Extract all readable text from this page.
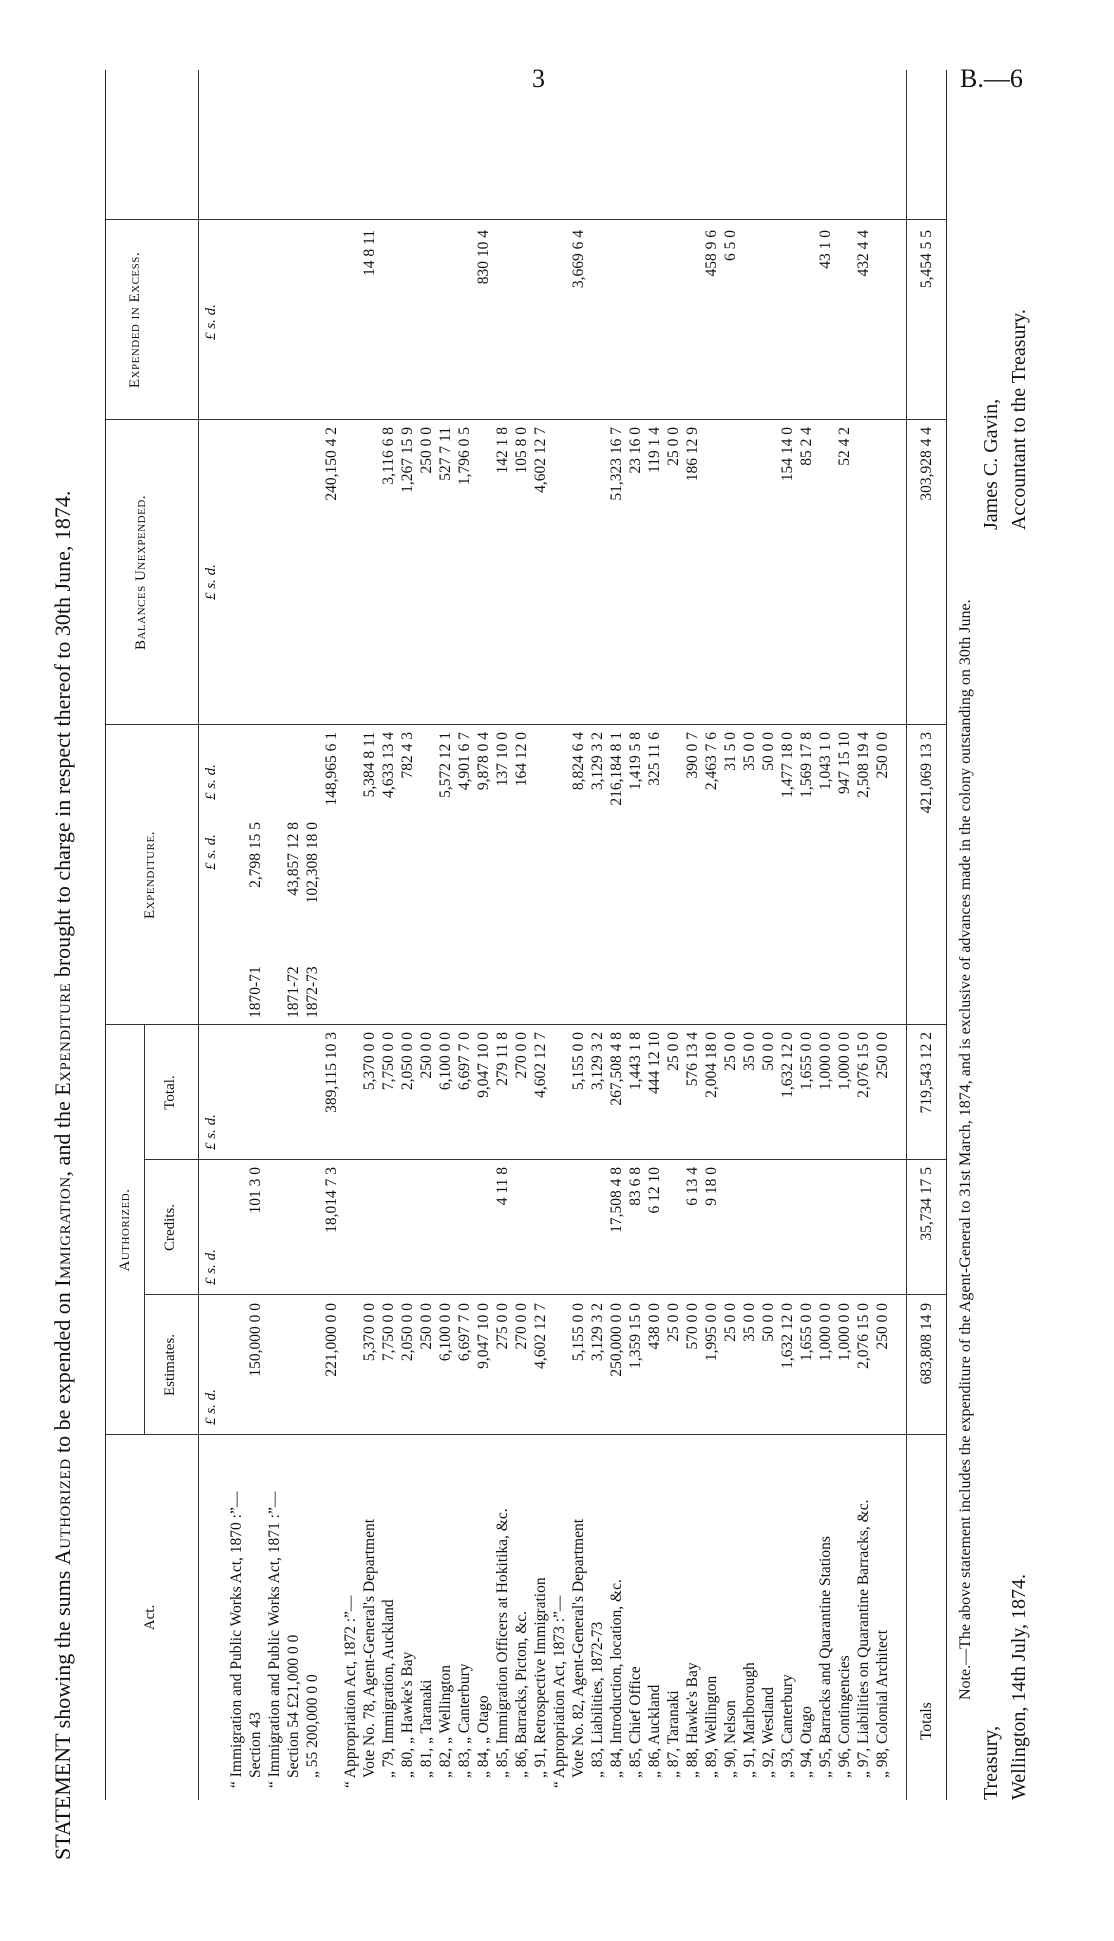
3	B.—6
STATEMENT showing the sums Authorized to be expended on Immigration, and the Expenditure brought to charge in respect thereof to 30th June, 1874.
Act.
Authorized.
Estimates.
Credits.
Total.
Expenditure.
Balances Unexpended.
Expended in Excess.
£ s. d.
£ s. d.
£ s. d.
£ s. d.
£ s. d.
£ s. d.
£ s. d.
“ Immigration and Public Works Act, 1870 :”— Section 43
150,000 0 0
101 3 0
1870-71
2,798 15 5
“ Immigration and Public Works Act, 1871 :”— Section 54 £21,000 0 0
1871-72
43,857 12 8
„ 55 200,000 0 0
1872-73
102,308 18 0
221,000 0 0
18,014 7 3
389,115 10 3
148,965 6 1
240,150 4 2
“ Appropriation Act, 1872 :”— Vote No. 78, Agent-General's Department
5,370 0 0
5,370 0 0
5,384 8 11
14 8 11
„ 79, Immigration, Auckland
7,750 0 0
7,750 0 0
4,633 13 4
3,116 6 8
„ 80, „ Hawke's Bay
2,050 0 0
2,050 0 0
782 4 3
1,267 15 9
„ 81, „ Taranaki
250 0 0
250 0 0
250 0 0
„ 82, „ Wellington
6,100 0 0
6,100 0 0
5,572 12 1
527 7 11
„ 83, „ Canterbury
6,697 7 0
6,697 7 0
4,901 6 7
1,796 0 5
„ 84, „ Otago
9,047 10 0
9,047 10 0
9,878 0 4
830 10 4
„ 85, Immigration Officers at Hokitika, &c.
275 0 0
4 11 8
279 11 8
137 10 0
142 1 8
„ 86, Barracks, Picton, &c.
270 0 0
270 0 0
164 12 0
105 8 0
„ 91, Retrospective Immigration
4,602 12 7
4,602 12 7
4,602 12 7
“ Appropriation Act, 1873 :”— Vote No. 82, Agent-General's Department
5,155 0 0
5,155 0 0
8,824 6 4
3,669 6 4
„ 83, Liabilities, 1872-73
3,129 3 2
3,129 3 2
3,129 3 2
„ 84, Introduction, location, &c.
250,000 0 0
17,508 4 8
267,508 4 8
216,184 8 1
51,323 16 7
„ 85, Chief Office
1,359 15 0
83 6 8
1,443 1 8
1,419 5 8
23 16 0
„ 86, Auckland
438 0 0
6 12 10
444 12 10
325 11 6
119 1 4
„ 87, Taranaki
25 0 0
25 0 0
25 0 0
„ 88, Hawke's Bay
570 0 0
6 13 4
576 13 4
390 0 7
186 12 9
„ 89, Wellington
1,995 0 0
9 18 0
2,004 18 0
2,463 7 6
458 9 6
„ 90, Nelson
25 0 0
25 0 0
31 5 0
6 5 0
„ 91, Marlborough
35 0 0
35 0 0
35 0 0
„ 92, Westland
50 0 0
50 0 0
50 0 0
„ 93, Canterbury
1,632 12 0
1,632 12 0
1,477 18 0
154 14 0
„ 94, Otago
1,655 0 0
1,655 0 0
1,569 17 8
85 2 4
„ 95, Barracks and Quarantine Stations
1,000 0 0
1,000 0 0
1,043 1 0
43 1 0
„ 96, Contingencies
1,000 0 0
1,000 0 0
947 15 10
52 4 2
„ 97, Liabilities on Quarantine Barracks, &c.
2,076 15 0
2,076 15 0
2,508 19 4
432 4 4
„ 98, Colonial Architect
250 0 0
250 0 0
250 0 0
Totals
683,808 14 9
35,734 17 5
719,543 12 2
421,069 13 3
303,928 4 4
5,454 5 5
Note.—The above statement includes the expenditure of the Agent-General to 31st March, 1874, and is exclusive of advances made in the colony outstanding on 30th June.
James C. Gavin, Accountant to the Treasury.
Treasury, Wellington, 14th July, 1874.
